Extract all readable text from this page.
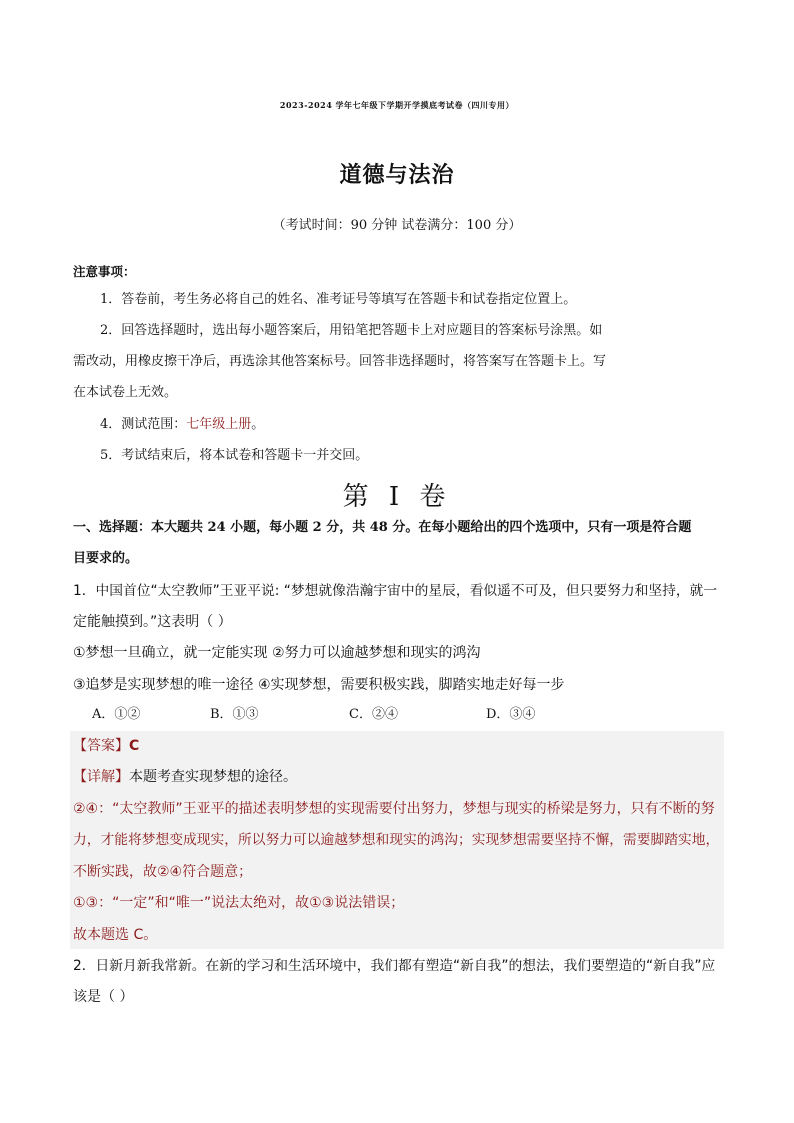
2023-2024 学年七年级下学期开学摸底考试卷（四川专用）
道德与法治
（考试时间：90 分钟 试卷满分：100 分）
注意事项：
1．答卷前，考生务必将自己的姓名、准考证号等填写在答题卡和试卷指定位置上。
2．回答选择题时，选出每小题答案后，用铅笔把答题卡上对应题目的答案标号涂黑。如
需改动，用橡皮擦干净后，再选涂其他答案标号。回答非选择题时，将答案写在答题卡上。写
在本试卷上无效。
4．测试范围：七年级上册。
5．考试结束后，将本试卷和答题卡一并交回。
第 I 卷
一、选择题：本大题共 24 小题，每小题 2 分，共 48 分。在每小题给出的四个选项中，只有一项是符合题
目要求的。
1．中国首位“太空教师”王亚平说: “梦想就像浩瀚宇宙中的星辰，看似遥不可及，但只要努力和坚持，就一
定能触摸到。”这表明（ ）
①梦想一旦确立，就一定能实现 ②努力可以逾越梦想和现实的鸿沟
③追梦是实现梦想的唯一途径 ④实现梦想，需要积极实践，脚踏实地走好每一步
A．①②	B．①③	C．②④	D．③④
【答案】C
【详解】本题考查实现梦想的途径。
②④：“太空教师”王亚平的描述表明梦想的实现需要付出努力，梦想与现实的桥梁是努力，只有不断的努
力，才能将梦想变成现实，所以努力可以逾越梦想和现实的鸿沟；实现梦想需要坚持不懈，需要脚踏实地，
不断实践，故②④符合题意；
①③：“一定”和“唯一”说法太绝对，故①③说法错误；
故本题选 C。
2．日新月新我常新。在新的学习和生活环境中，我们都有塑造“新自我”的想法，我们要塑造的“新自我”应
该是（ ）
